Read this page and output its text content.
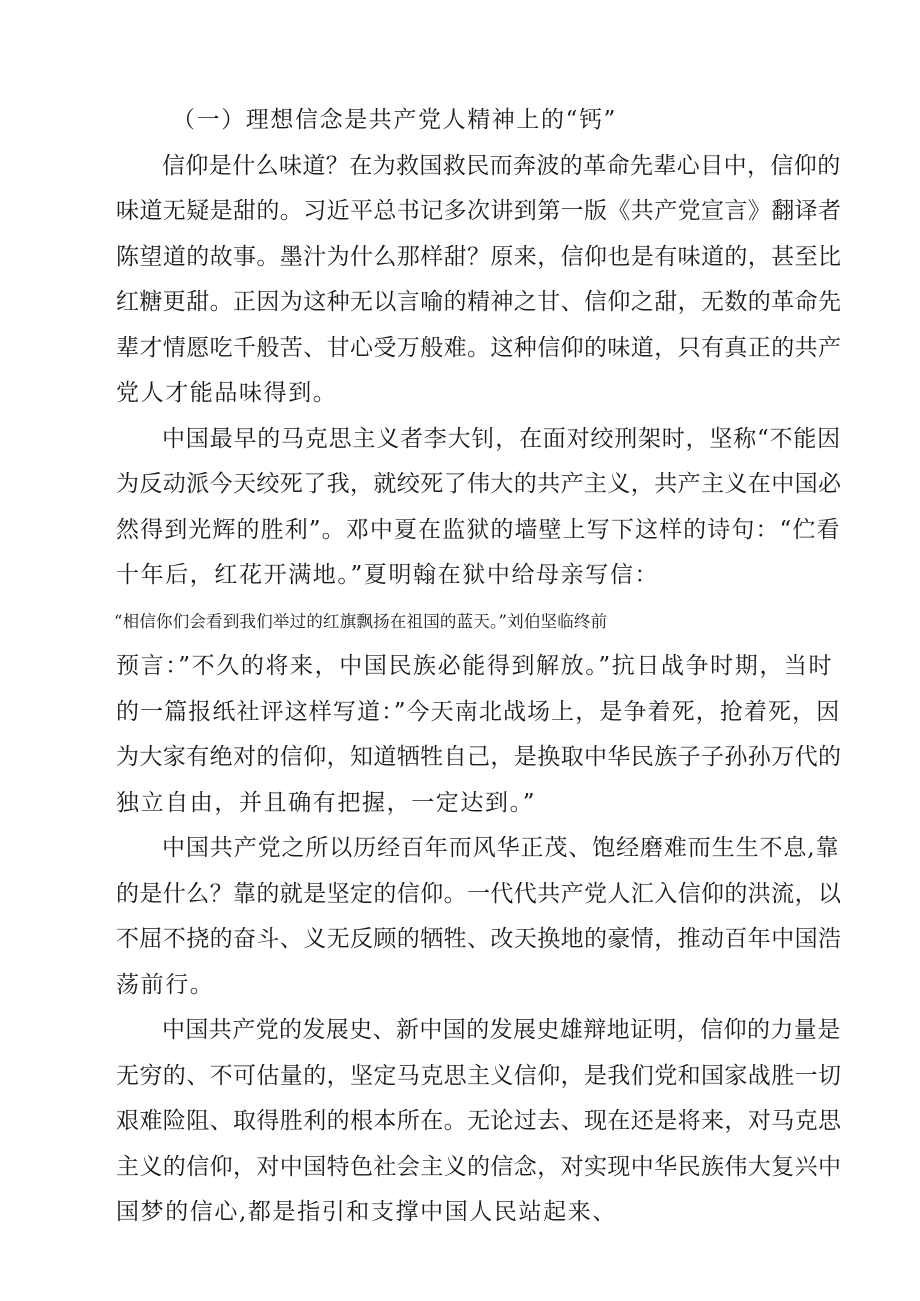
（一）理想信念是共产党人精神上的“钙”

信仰是什么味道？在为救国救民而奔波的革命先辈心目中，信仰的
味道无疑是甜的。习近平总书记多次讲到第一版《共产党宣言》翻译者
陈望道的故事。墨汁为什么那样甜？原来，信仰也是有味道的，甚至比
红糖更甜。正因为这种无以言喻的精神之甘、信仰之甜，无数的革命先
辈才情愿吃千般苦、甘心受万般难。这种信仰的味道，只有真正的共产
党人才能品味得到。

中国最早的马克思主义者李大钊，在面对绞刑架时，坚称“不能因
为反动派今天绞死了我，就绞死了伟大的共产主义，共产主义在中国必
然得到光辉的胜利”。邓中夏在监狱的墙壁上写下这样的诗句：“伫看
十年后，红花开满地。”夏明翰在狱中给母亲写信：
“相信你们会看到我们举过的红旗飘扬在祖国的蓝天。”刘伯坚临终前
预言：”不久的将来，中国民族必能得到解放。”抗日战争时期，当时
的一篇报纸社评这样写道：”今天南北战场上，是争着死，抢着死，因
为大家有绝对的信仰，知道牺牲自己，是换取中华民族子子孙孙万代的
独立自由，并且确有把握，一定达到。”

中国共产党之所以历经百年而风华正茂、饱经磨难而生生不息,靠
的是什么？靠的就是坚定的信仰。一代代共产党人汇入信仰的洪流，以
不屈不挠的奋斗、义无反顾的牺牲、改天换地的豪情，推动百年中国浩
荡前行。

中国共产党的发展史、新中国的发展史雄辩地证明，信仰的力量是
无穷的、不可估量的，坚定马克思主义信仰，是我们党和国家战胜一切
艰难险阻、取得胜利的根本所在。无论过去、现在还是将来，对马克思
主义的信仰，对中国特色社会主义的信念，对实现中华民族伟大复兴中
国梦的信心,都是指引和支撑中国人民站起来、
